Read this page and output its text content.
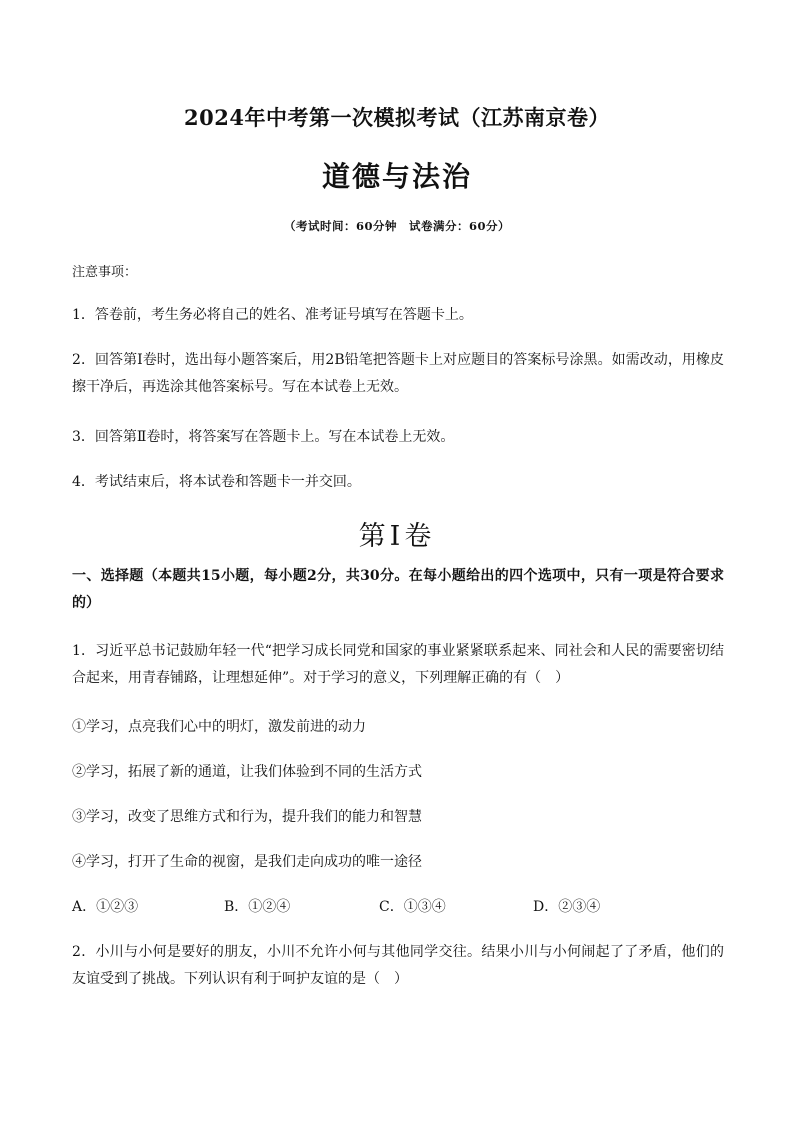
2024年中考第一次模拟考试（江苏南京卷）
道德与法治
（考试时间：60分钟　试卷满分：60分）
注意事项：
1．答卷前，考生务必将自己的姓名、准考证号填写在答题卡上。
2．回答第Ⅰ卷时，选出每小题答案后，用2B铅笔把答题卡上对应题目的答案标号涂黑。如需改动，用橡皮擦干净后，再选涂其他答案标号。写在本试卷上无效。
3．回答第Ⅱ卷时，将答案写在答题卡上。写在本试卷上无效。
4．考试结束后，将本试卷和答题卡一并交回。
第Ⅰ卷
一、选择题（本题共15小题，每小题2分，共30分。在每小题给出的四个选项中，只有一项是符合要求的）
1．习近平总书记鼓励年轻一代“把学习成长同党和国家的事业紧紧联系起来、同社会和人民的需要密切结合起来，用青春铺路，让理想延伸”。对于学习的意义，下列理解正确的有（　）
①学习，点亮我们心中的明灯，激发前进的动力
②学习，拓展了新的通道，让我们体验到不同的生活方式
③学习，改变了思维方式和行为，提升我们的能力和智慧
④学习，打开了生命的视窗，是我们走向成功的唯一途径
A．①②③	B．①②④	C．①③④	D．②③④
2．小川与小何是要好的朋友，小川不允许小何与其他同学交往。结果小川与小何闹起了了矛盾，他们的友谊受到了挑战。下列认识有利于呵护友谊的是（　）
